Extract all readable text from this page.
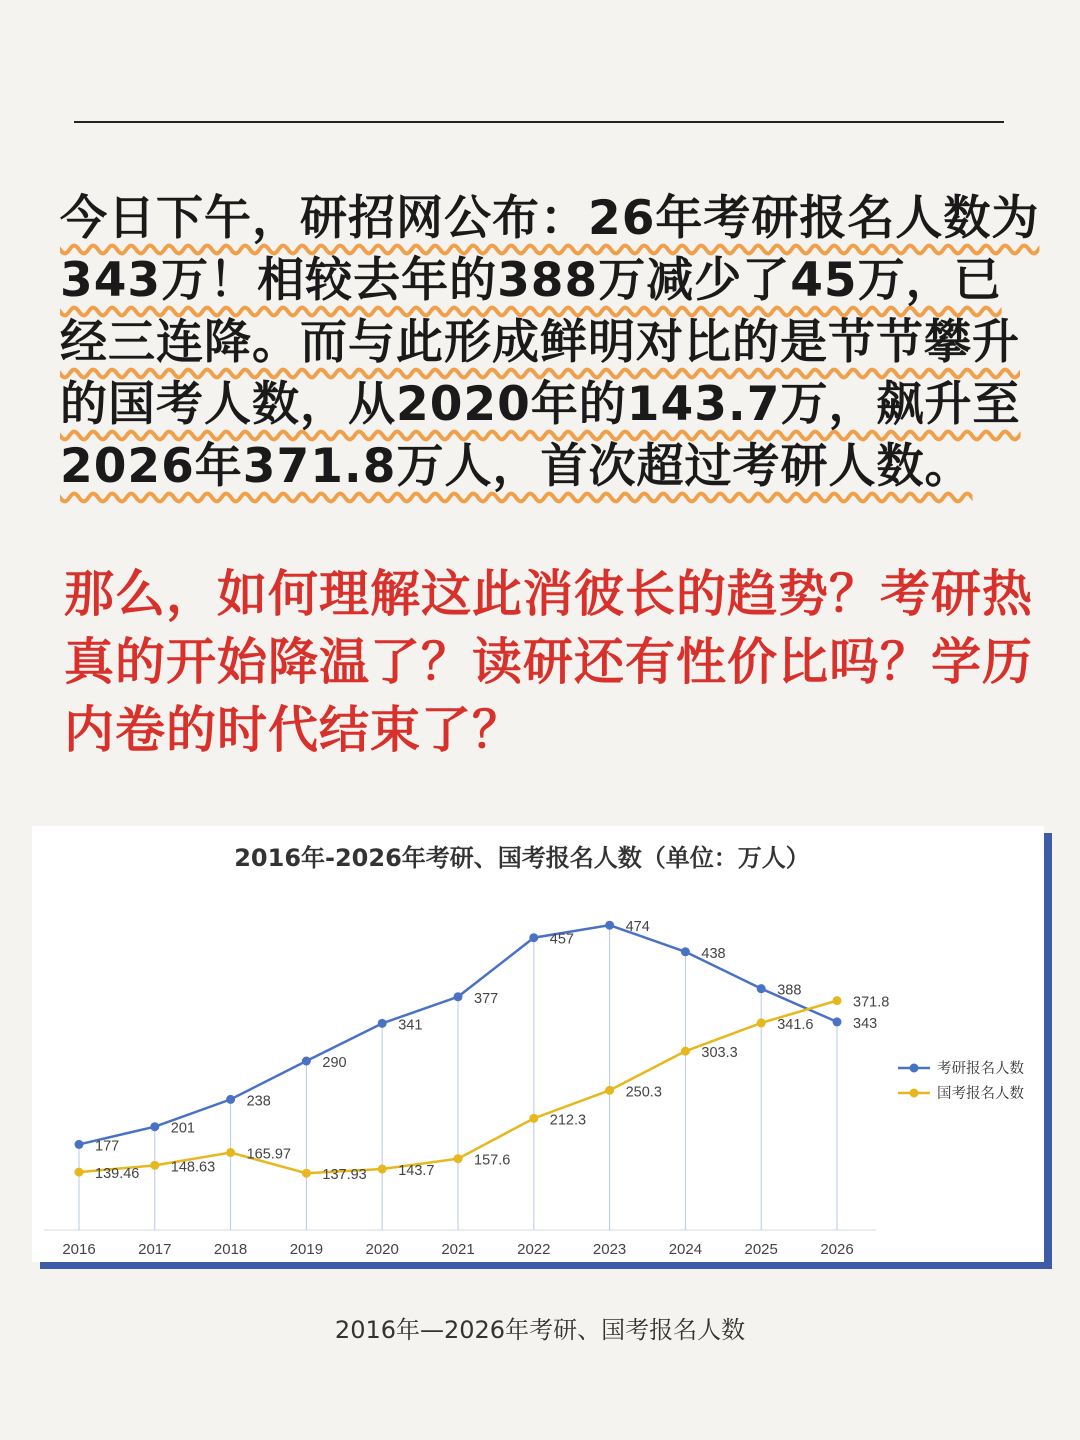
今日下午，研招网公布：26年考研报名人数为343万！相较去年的388万减少了45万，已经三连降。而与此形成鲜明对比的是节节攀升的国考人数，从2020年的143.7万，飙升至2026年371.8万人，首次超过考研人数。
那么，如何理解这此消彼长的趋势？考研热真的开始降温了？读研还有性价比吗？学历内卷的时代结束了？
2016年-2026年考研、国考报名人数（单位：万人）
2016	2017	2018	2019	2020	2021	2022	2023	2024	2025	2026
177
201
238
290
341
377
457
474
438
388
343
139.46 148.63
165.97
137.93 143.7
157.6
212.3
250.3
303.3
341.6
371.8
考研报名人数
国考报名人数
2016年—2026年考研、国考报名人数
